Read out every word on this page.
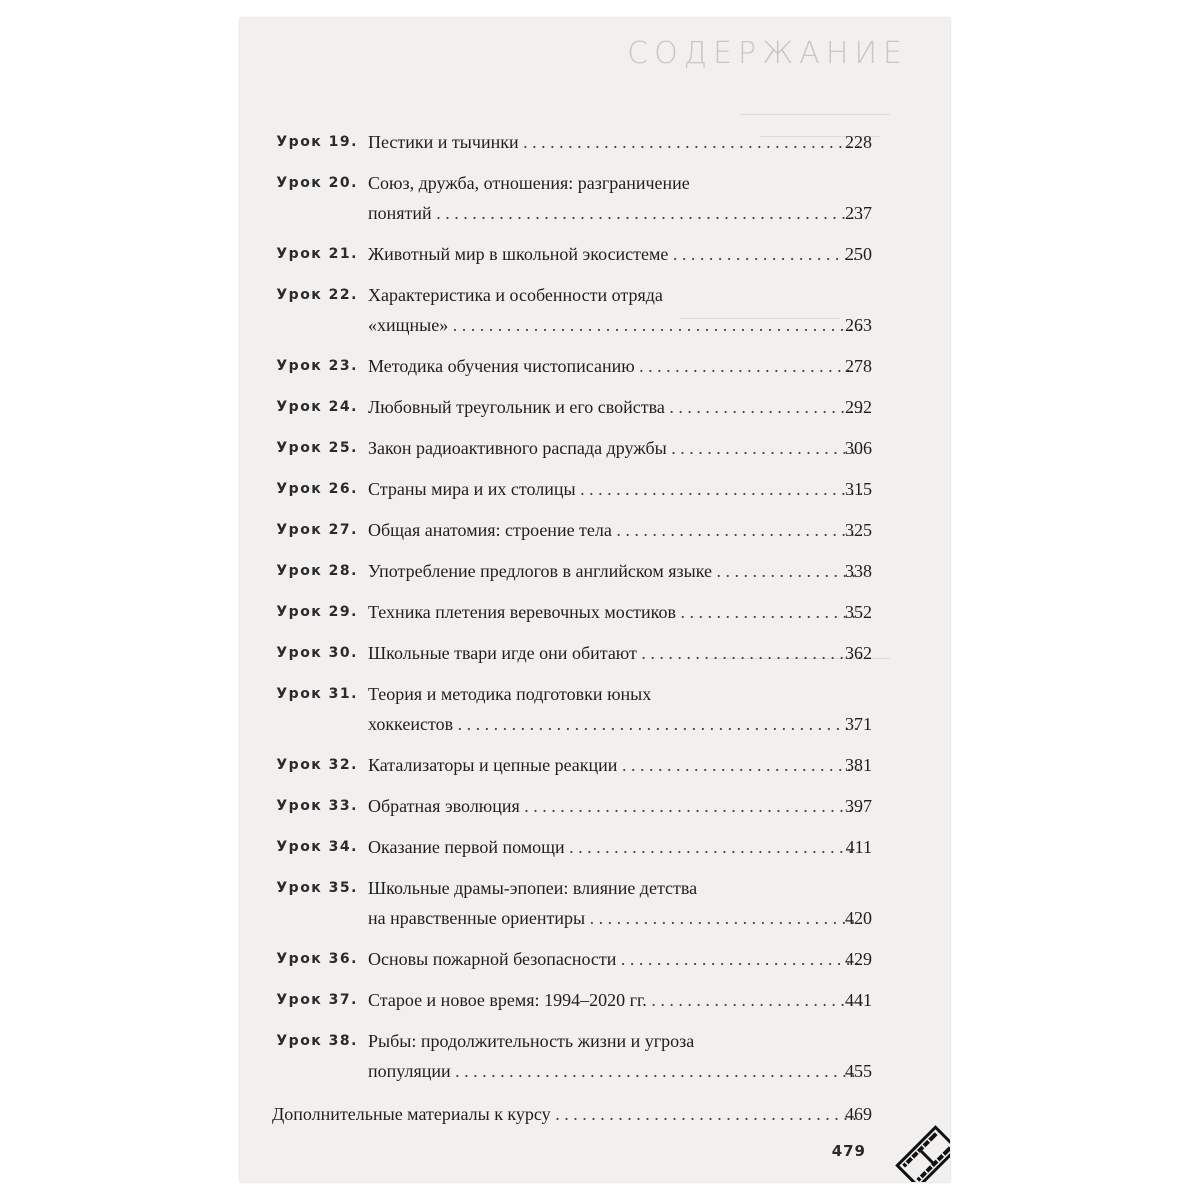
СОДЕРЖАНИЕ
Урок 19. Пестики и тычинки . . .	228
Урок 20. Союз, дружба, отношения: разграничение
понятий . . .	237
Урок 21. Животный мир в школьной экосистеме . . .	250
Урок 22. Характеристика и особенности отряда
«хищные» . . .	263
Урок 23. Методика обучения чистописанию . . .	278
Урок 24. Любовный треугольник и его свойства . . .	292
Урок 25. Закон радиоактивного распада дружбы . . .	306
Урок 26. Страны мира и их столицы . . .	315
Урок 27. Общая анатомия: строение тела . . .	325
Урок 28. Употребление предлогов в английском языке . . .	338
Урок 29. Техника плетения веревочных мостиков . . .	352
Урок 30. Школьные твари игде они обитают . . .	362
Урок 31. Теория и методика подготовки юных
хоккеистов . . .	371
Урок 32. Катализаторы и цепные реакции . . .	381
Урок 33. Обратная эволюция . . .	397
Урок 34. Оказание первой помощи . . .	411
Урок 35. Школьные драмы-эпопеи: влияние детства
на нравственные ориентиры . . .	420
Урок 36. Основы пожарной безопасности . . .	429
Урок 37. Старое и новое время: 1994–2020 гг. . . .	441
Урок 38. Рыбы: продолжительность жизни и угроза
популяции . . .	455
Дополнительные материалы к курсу . . .	469
479
